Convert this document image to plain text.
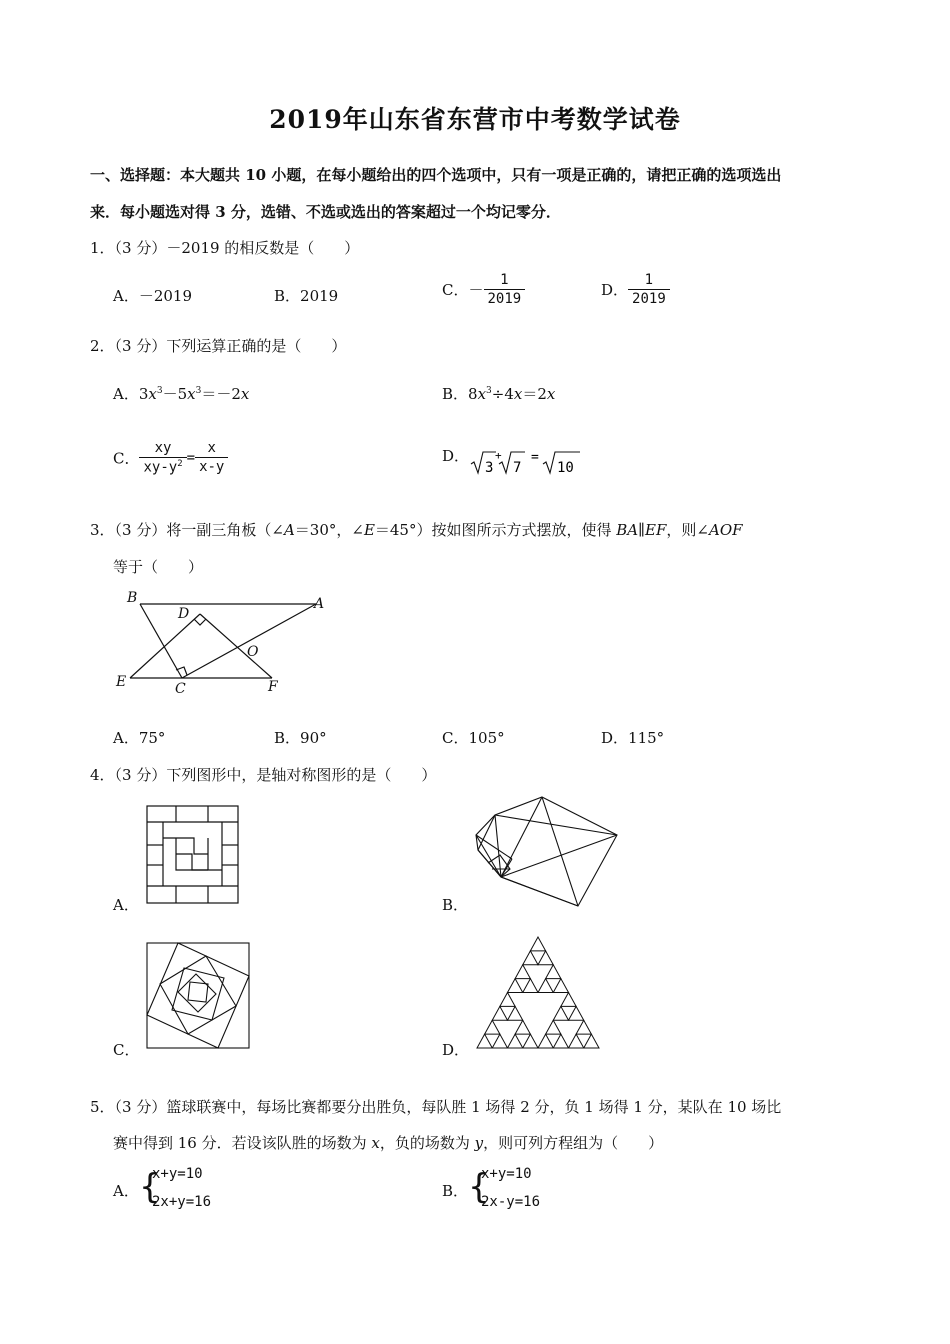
2019年山东省东营市中考数学试卷
一、选择题：本大题共 10 小题，在每小题给出的四个选项中，只有一项是正确的，请把正确的选项选出
来．每小题选对得 3 分，选错、不选或选出的答案超过一个均记零分．
1．（3 分）－2019 的相反数是（　　）
A．－2019	B．2019	C．－ $\frac{1}{2019}$	D． $\frac{1}{2019}$
2．（3 分）下列运算正确的是（　　）
A．$3x^3-5x^3=-2x$	B．$8x^3\div 4x=2x$
C． $\frac{xy}{xy-y^2} = \frac{x}{x-y}$	D．
3
+
7
=
10
3．（3 分）将一副三角板（∠A＝30°，∠E＝45°）按如图所示方式摆放，使得 BA∥EF，则∠AOF
等于（　　）
B	A
D
O
E	C	F
A．75°	B．90°	C．105°	D．115°
4．（3 分）下列图形中，是轴对称图形的是（　　）
A．	B．
C．	D．
5．（3 分）篮球联赛中，每场比赛都要分出胜负，每队胜 1 场得 2 分，负 1 场得 1 分，某队在 10 场比
赛中得到 16 分．若设该队胜的场数为 x，负的场数为 y，则可列方程组为（　　）
A． {
x+y=10
2x+y=16
B． {
x+y=10
2x-y=16
